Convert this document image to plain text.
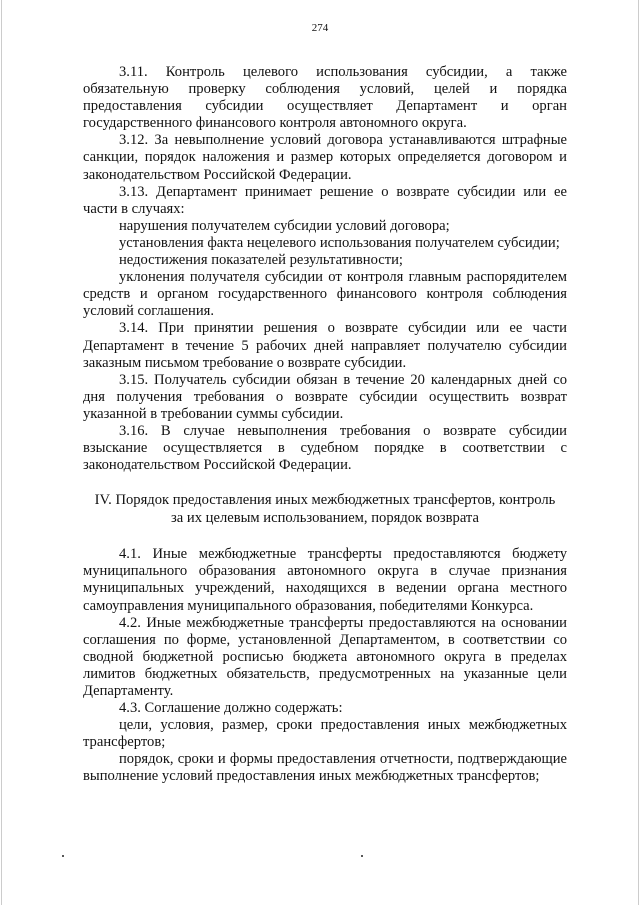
274

3.11. Контроль целевого использования субсидии, а также обязательную проверку соблюдения условий, целей и порядка предоставления субсидии осуществляет Департамент и орган государственного финансового контроля автономного округа.

3.12. За невыполнение условий договора устанавливаются штрафные санкции, порядок наложения и размер которых определяется договором и законодательством Российской Федерации.

3.13. Департамент принимает решение о возврате субсидии или ее части в случаях:

нарушения получателем субсидии условий договора;

установления факта нецелевого использования получателем субсидии;

недостижения показателей результативности;

уклонения получателя субсидии от контроля главным распорядителем средств и органом государственного финансового контроля соблюдения условий соглашения.

3.14. При принятии решения о возврате субсидии или ее части Департамент в течение 5 рабочих дней направляет получателю субсидии заказным письмом требование о возврате субсидии.

3.15. Получатель субсидии обязан в течение 20 календарных дней со дня получения требования о возврате субсидии осуществить возврат указанной в требовании суммы субсидии.

3.16. В случае невыполнения требования о возврате субсидии взыскание осуществляется в судебном порядке в соответствии с законодательством Российской Федерации.

IV. Порядок предоставления иных межбюджетных трансфертов, контроль
за их целевым использованием, порядок возврата

4.1. Иные межбюджетные трансферты предоставляются бюджету муниципального образования автономного округа в случае признания муниципальных учреждений, находящихся в ведении органа местного самоуправления муниципального образования, победителями Конкурса.

4.2. Иные межбюджетные трансферты предоставляются на основании соглашения по форме, установленной Департаментом, в соответствии со сводной бюджетной росписью бюджета автономного округа в пределах лимитов бюджетных обязательств, предусмотренных на указанные цели Департаменту.

4.3. Соглашение должно содержать:

цели, условия, размер, сроки предоставления иных межбюджетных трансфертов;

порядок, сроки и формы предоставления отчетности, подтверждающие выполнение условий предоставления иных межбюджетных трансфертов;
